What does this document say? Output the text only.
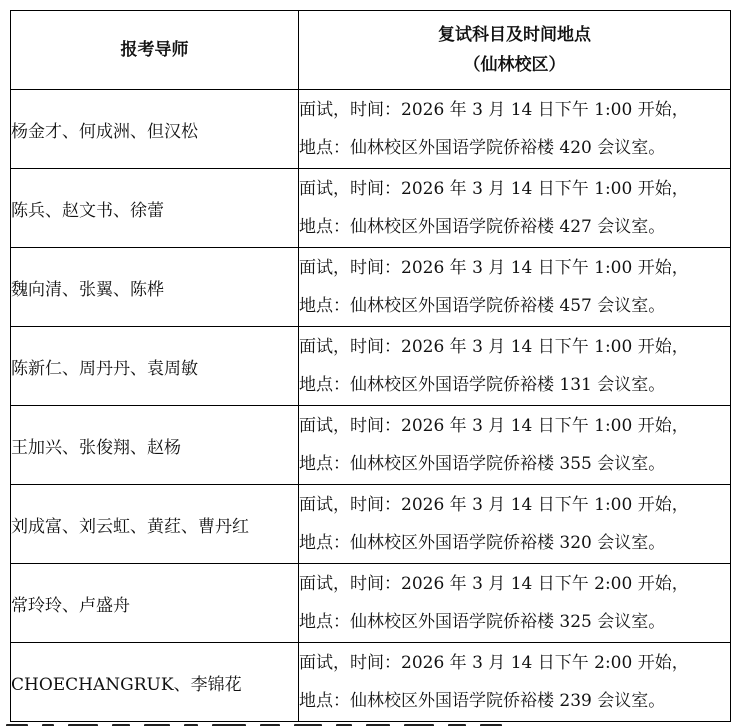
报考导师	复试科目及时间地点
（仙林校区）

杨金才、何成洲、但汉松	面试，时间：2026 年 3 月 14 日下午 1:00 开始，
地点：仙林校区外国语学院侨裕楼 420 会议室。

陈兵、赵文书、徐蕾	面试，时间：2026 年 3 月 14 日下午 1:00 开始，
地点：仙林校区外国语学院侨裕楼 427 会议室。

魏向清、张翼、陈桦	面试，时间：2026 年 3 月 14 日下午 1:00 开始，
地点：仙林校区外国语学院侨裕楼 457 会议室。

陈新仁、周丹丹、袁周敏	面试，时间：2026 年 3 月 14 日下午 1:00 开始，
地点：仙林校区外国语学院侨裕楼 131 会议室。

王加兴、张俊翔、赵杨	面试，时间：2026 年 3 月 14 日下午 1:00 开始，
地点：仙林校区外国语学院侨裕楼 355 会议室。

刘成富、刘云虹、黄荭、曹丹红	面试，时间：2026 年 3 月 14 日下午 1:00 开始，
地点：仙林校区外国语学院侨裕楼 320 会议室。

常玲玲、卢盛舟	面试，时间：2026 年 3 月 14 日下午 2:00 开始，
地点：仙林校区外国语学院侨裕楼 325 会议室。

CHOECHANGRUK、李锦花	面试，时间：2026 年 3 月 14 日下午 2:00 开始，
地点：仙林校区外国语学院侨裕楼 239 会议室。
